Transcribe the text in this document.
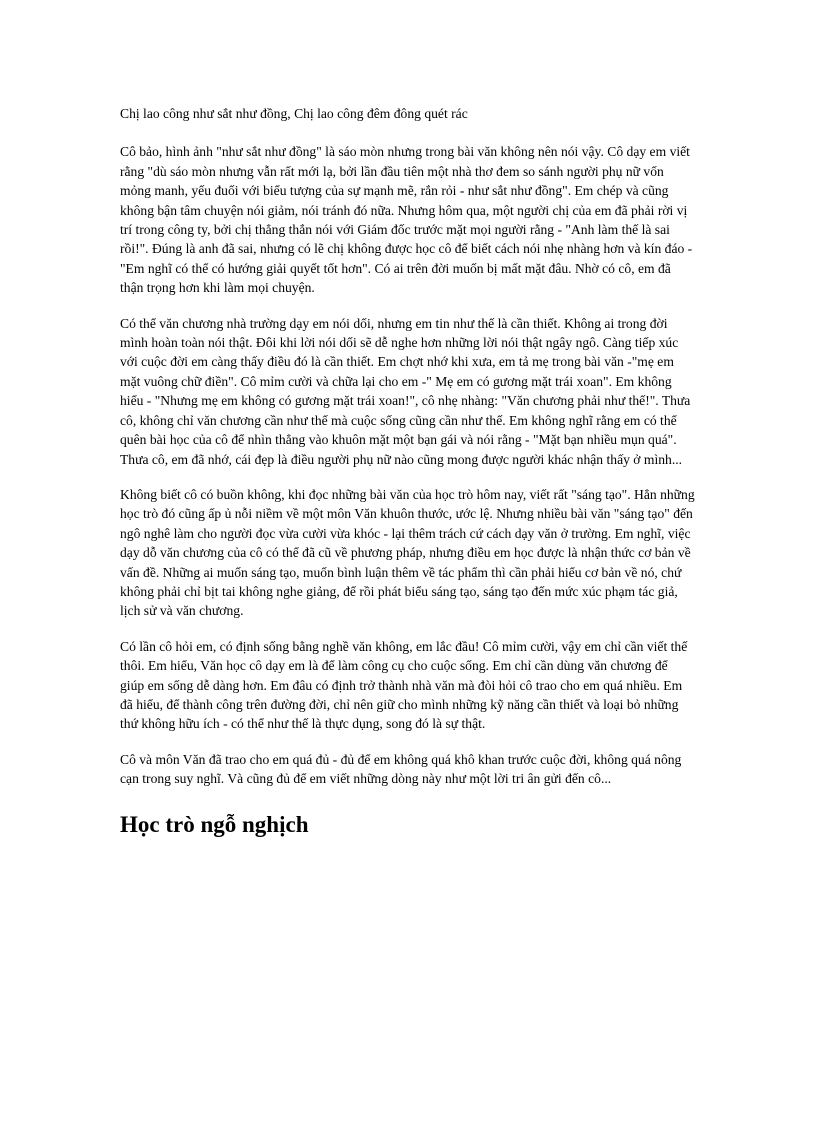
Chị lao công như sắt như đồng, Chị lao công đêm đông quét rác

Cô bảo, hình ảnh "như sắt như đồng" là sáo mòn nhưng trong bài văn không nên nói vậy. Cô dạy em viết rằng "dù sáo mòn nhưng vẫn rất mới lạ, bởi lần đầu tiên một nhà thơ đem so sánh người phụ nữ vốn mỏng manh, yếu đuối với biểu tượng của sự mạnh mẽ, rắn rỏi - như sắt như đồng". Em chép và cũng không bận tâm chuyện nói giảm, nói tránh đó nữa. Nhưng hôm qua, một người chị của em đã phải rời vị trí trong công ty, bởi chị thẳng thắn nói với Giám đốc trước mặt mọi người rằng - "Anh làm thế là sai rồi!". Đúng là anh đã sai, nhưng có lẽ chị không được học cô để biết cách nói nhẹ nhàng hơn và kín đáo - "Em nghĩ có thể có hướng giải quyết tốt hơn". Có ai trên đời muốn bị mất mặt đâu. Nhờ có cô, em đã thận trọng hơn khi làm mọi chuyện.

Có thể văn chương nhà trường dạy em nói dối, nhưng em tin như thế là cần thiết. Không ai trong đời mình hoàn toàn nói thật. Đôi khi lời nói dối sẽ dễ nghe hơn những lời nói thật ngây ngô. Càng tiếp xúc với cuộc đời em càng thấy điều đó là cần thiết. Em chợt nhớ khi xưa, em tả mẹ trong bài văn -"mẹ em mặt vuông chữ điền". Cô mỉm cười và chữa lại cho em -" Mẹ em có gương mặt trái xoan". Em không hiểu - "Nhưng mẹ em không có gương mặt trái xoan!", cô nhẹ nhàng: "Văn chương phải như thế!". Thưa cô, không chỉ văn chương cần như thế mà cuộc sống cũng cần như thế. Em không nghĩ rằng em có thể quên bài học của cô để nhìn thẳng vào khuôn mặt một bạn gái và nói rằng - "Mặt bạn nhiều mụn quá". Thưa cô, em đã nhớ, cái đẹp là điều người phụ nữ nào cũng mong được người khác nhận thấy ở mình...

Không biết cô có buồn không, khi đọc những bài văn của học trò hôm nay, viết rất "sáng tạo". Hẳn những học trò đó cũng ấp ủ nỗi niềm về một môn Văn khuôn thước, ước lệ. Nhưng nhiều bài văn "sáng tạo" đến ngô nghê làm cho người đọc vừa cười vừa khóc - lại thêm trách cứ cách dạy văn ở trường. Em nghĩ, việc dạy dỗ văn chương của cô có thể đã cũ về phương pháp, nhưng điều em học được là nhận thức cơ bản về vấn đề. Những ai muốn sáng tạo, muốn bình luận thêm về tác phẩm thì cần phải hiểu cơ bản về nó, chứ không phải chỉ bịt tai không nghe giảng, để rồi phát biểu sáng tạo, sáng tạo đến mức xúc phạm tác giả, lịch sử và văn chương.

Có lần cô hỏi em, có định sống bằng nghề văn không, em lắc đầu! Cô mỉm cười, vậy em chỉ cần viết thế thôi. Em hiểu, Văn học cô dạy em là để làm công cụ cho cuộc sống. Em chỉ cần dùng văn chương để giúp em sống dễ dàng hơn. Em đâu có định trở thành nhà văn mà đòi hỏi cô trao cho em quá nhiều. Em đã hiểu, để thành công trên đường đời, chỉ nên giữ cho mình những kỹ năng cần thiết và loại bỏ những thứ không hữu ích - có thể như thế là thực dụng, song đó là sự thật.

Cô và môn Văn đã trao cho em quá đủ - đủ để em không quá khô khan trước cuộc đời, không quá nông cạn trong suy nghĩ. Và cũng đủ để em viết những dòng này như một lời tri ân gửi đến cô...

Học trò ngỗ nghịch
